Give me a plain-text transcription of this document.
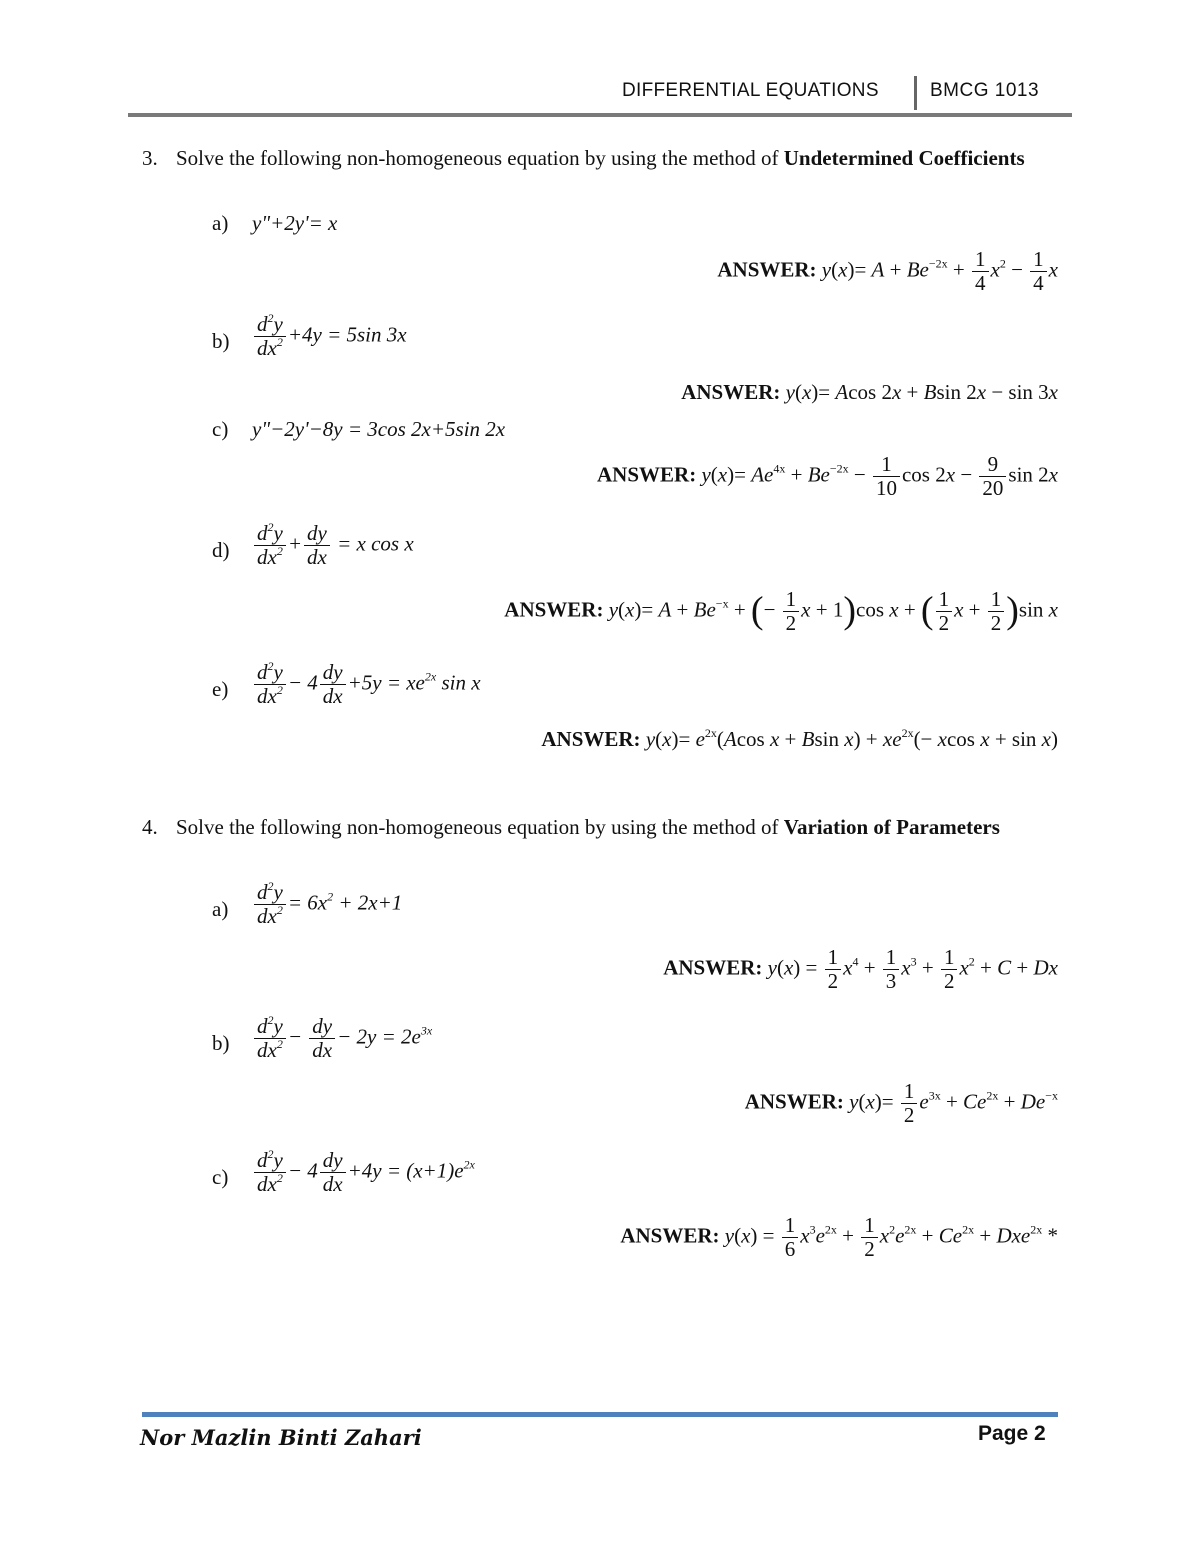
DIFFERENTIAL EQUATIONS	BMCG 1013
3. Solve the following non-homogeneous equation by using the method of Undetermined Coefficients
a) y"+2y'= x
ANSWER: $y(x)= A + Be^{-2x} + \frac{1}{4} x^2 - \frac{1}{4}$ x
$b) \frac{d^2y}{dx^2} +4y = 5\sin$ 3x
ANSWER: y(x)= Acos 2x + Bsin 2x − sin 3x
c) y"−2y'−8y = 3cos 2x+5sin 2x
ANSWER: $y(x)= Ae^{4x} + Be^{-2x} - \frac{1}{10}$ $\cos 2x - \frac{9}{20}$ sin 2x
$d) \frac{d^2y}{dx^2} + \frac{dy}{dx} = x$ cos x
ANSWER: $y(x)= A + Be^{-x}$ + (− $\frac{1}{2}$ x + 1)cos x + ( $\frac{1}{2}$ $x + \frac{1}{2} )\sin$ x
$e) \frac{d^2y}{dx^2} - 4 \frac{dy}{dx} +5y = xe^{2x}$ sin x
ANSWER: $y(x)= e^{2x}(Acos$ x + Bsin $x) + xe^{2x}(- xcos$ x + sin x)
4. Solve the following non-homogeneous equation by using the method of Variation of Parameters
$a) \frac{d^2y}{dx^2} = 6x^2 + 2x+1$
ANSWER: $y(x) = \frac{1}{2} x^4 + \frac{1}{3} x^3 + \frac{1}{2} x^2 + C + Dx$
$b) \frac{d^2y}{dx^2} - \frac{dy}{dx} - 2y = 2e^{3x}$
ANSWER: $y(x)= \frac{1}{2} e^{3x} + Ce^{2x} + De^{-x}$
$c) \frac{d^2y}{dx^2} - 4 \frac{dy}{dx} +4y = (x+1)e^{2x}$
ANSWER: $y(x) = \frac{1}{6} x^3e^{2x} + \frac{1}{2} x^2e^{2x} + Ce^{2x} + Dxe^{2x}$ *
Nor Mazlin Binti Zahari	Page 2
